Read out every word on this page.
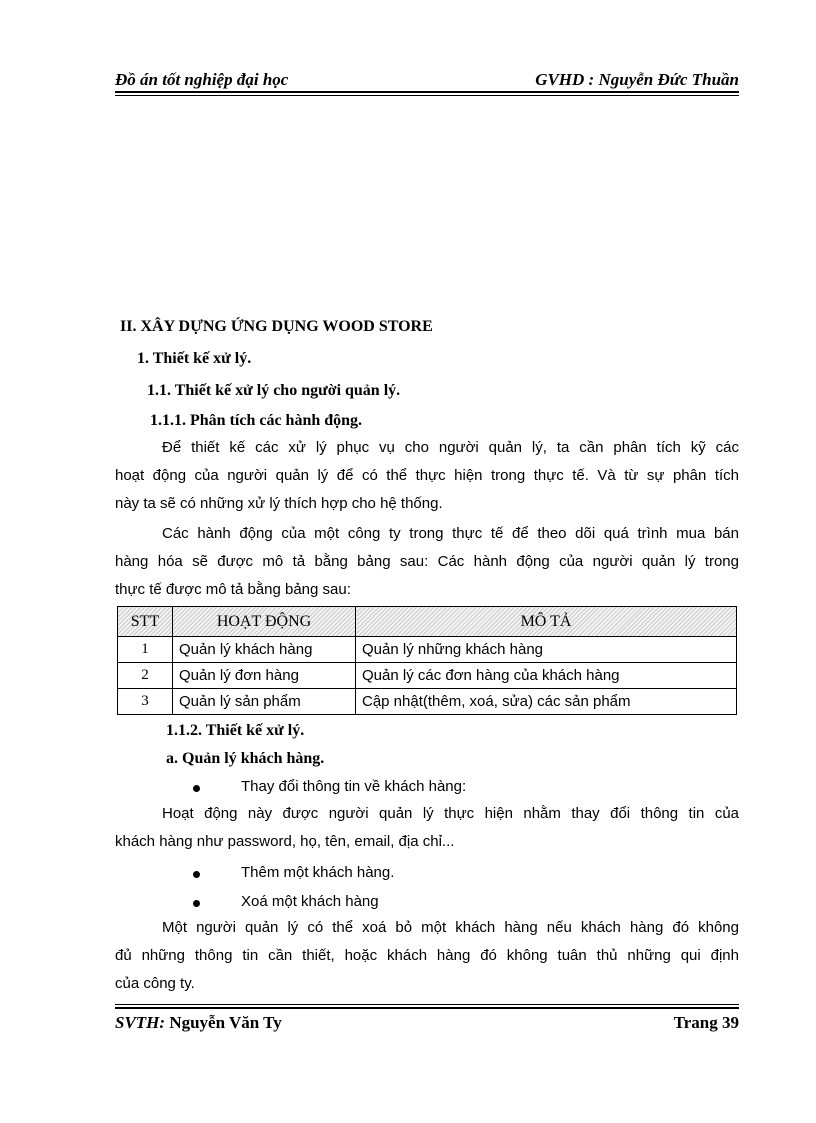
Đồ án tốt nghiệp đại học	GVHD : Nguyễn Đức Thuần
II. XÂY DỰNG ỨNG DỤNG WOOD STORE
1. Thiết kế xử lý.
1.1. Thiết kế xử lý cho người quản lý.
1.1.1. Phân tích các hành động.
Để thiết kế các xử lý phục vụ cho người quản lý, ta cần phân tích kỹ các
hoạt động của người quản lý để có thể thực hiện trong thực tế. Và từ sự phân tích
này ta sẽ có những xử lý thích hợp cho hệ thống.
Các hành động của một công ty trong thực tế để theo dõi quá trình mua bán
hàng hóa sẽ được mô tả bằng bảng sau: Các hành động của người quản lý trong
thực tế được mô tả bằng bảng sau:
STT	HOẠT ĐỘNG	MÔ TẢ
1	Quản lý khách hàng	Quản lý những khách hàng
2	Quản lý đơn hàng	Quản lý các đơn hàng của khách hàng
3	Quản lý sản phẩm	Cập nhật(thêm, xoá, sửa) các sản phẩm
1.1.2. Thiết kế xử lý.
a. Quản lý khách hàng.
Thay đổi thông tin về khách hàng:
Hoạt động này được người quản lý thực hiện nhằm thay đổi thông tin của
khách hàng như password, họ, tên, email, địa chỉ...
Thêm một khách hàng.
Xoá một khách hàng
Một người quản lý có thể xoá bỏ một khách hàng nếu khách hàng đó không
đủ những thông tin cần thiết, hoặc khách hàng đó không tuân thủ những qui định
của công ty.
SVTH: Nguyễn Văn Ty	Trang 39
